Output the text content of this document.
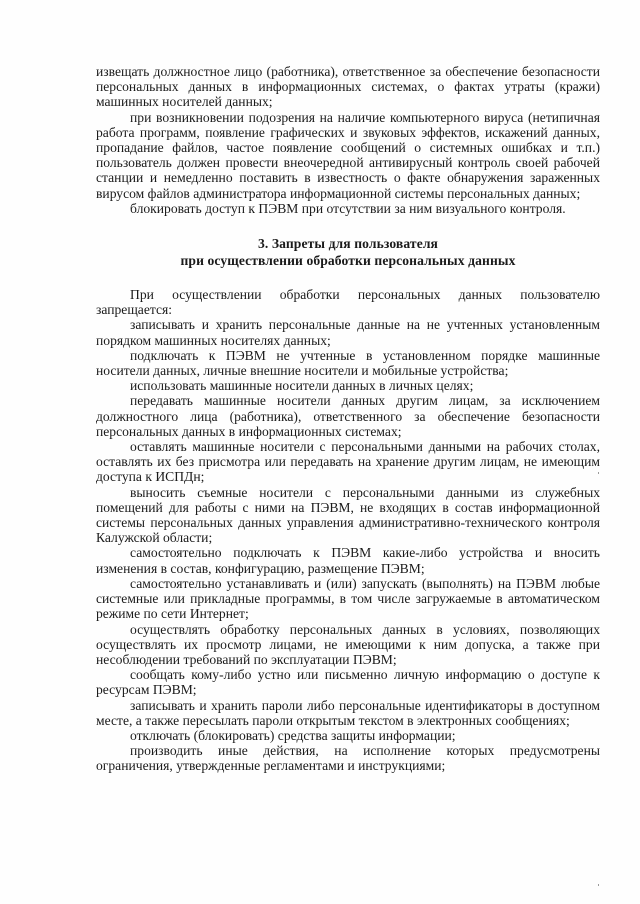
извещать должностное лицо (работника), ответственное за обеспечение безопасности персональных данных в информационных системах, о фактах утраты (кражи) машинных носителей данных;

при возникновении подозрения на наличие компьютерного вируса (нетипичная работа программ, появление графических и звуковых эффектов, искажений данных, пропадание файлов, частое появление сообщений о системных ошибках и т.п.) пользователь должен провести внеочередной антивирусный контроль своей рабочей станции и немедленно поставить в известность о факте обнаружения зараженных вирусом файлов администратора информационной системы персональных данных;

блокировать доступ к ПЭВМ при отсутствии за ним визуального контроля.

3. Запреты для пользователя

при осуществлении обработки персональных данных

При осуществлении обработки персональных данных пользователю запрещается:

записывать и хранить персональные данные на не учтенных установленным порядком машинных носителях данных;

подключать к ПЭВМ не учтенные в установленном порядке машинные носители данных, личные внешние носители и мобильные устройства;

использовать машинные носители данных в личных целях;

передавать машинные носители данных другим лицам, за исключением должностного лица (работника), ответственного за обеспечение безопасности персональных данных в информационных системах;

оставлять машинные носители с персональными данными на рабочих столах, оставлять их без присмотра или передавать на хранение другим лицам, не имеющим доступа к ИСПДн;

выносить съемные носители с персональными данными из служебных помещений для работы с ними на ПЭВМ, не входящих в состав информационной системы персональных данных управления административно-технического контроля Калужской области;

самостоятельно подключать к ПЭВМ какие-либо устройства и вносить изменения в состав, конфигурацию, размещение ПЭВМ;

самостоятельно устанавливать и (или) запускать (выполнять) на ПЭВМ любые системные или прикладные программы, в том числе загружаемые в автоматическом режиме по сети Интернет;

осуществлять обработку персональных данных в условиях, позволяющих осуществлять их просмотр лицами, не имеющими к ним допуска, а также при несоблюдении требований по эксплуатации ПЭВМ;

сообщать кому-либо устно или письменно личную информацию о доступе к ресурсам ПЭВМ;

записывать и хранить пароли либо персональные идентификаторы в доступном месте, а также пересылать пароли открытым текстом в электронных сообщениях;

отключать (блокировать) средства защиты информации;

производить иные действия, на исполнение которых предусмотрены ограничения, утвержденные регламентами и инструкциями;
